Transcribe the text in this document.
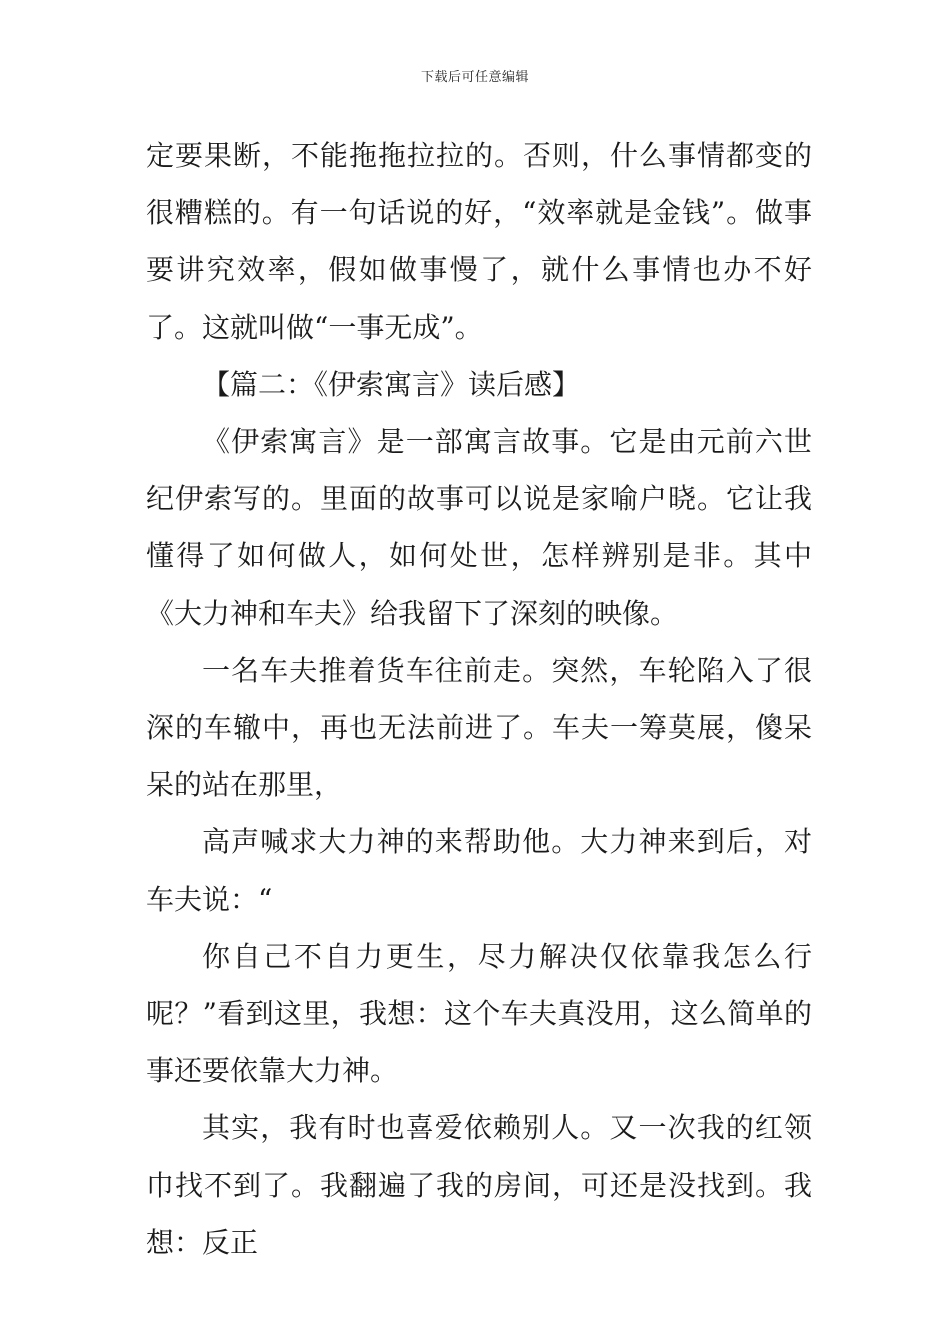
下载后可任意编辑

定要果断，不能拖拖拉拉的。否则，什么事情都变的很糟糕的。有一句话说的好，“效率就是金钱”。做事要讲究效率，假如做事慢了，就什么事情也办不好了。这就叫做“一事无成”。

【篇二：《伊索寓言》读后感】

《伊索寓言》是一部寓言故事。它是由元前六世纪伊索写的。里面的故事可以说是家喻户晓。它让我懂得了如何做人，如何处世，怎样辨别是非。其中《大力神和车夫》给我留下了深刻的映像。

一名车夫推着货车往前走。突然，车轮陷入了很深的车辙中，再也无法前进了。车夫一筹莫展，傻呆呆的站在那里，

高声喊求大力神的来帮助他。大力神来到后，对车夫说：“

你自己不自力更生，尽力解决仅依靠我怎么行呢？”看到这里，我想：这个车夫真没用，这么简单的事还要依靠大力神。

其实，我有时也喜爱依赖别人。又一次我的红领巾找不到了。我翻遍了我的房间，可还是没找到。我想：反正
